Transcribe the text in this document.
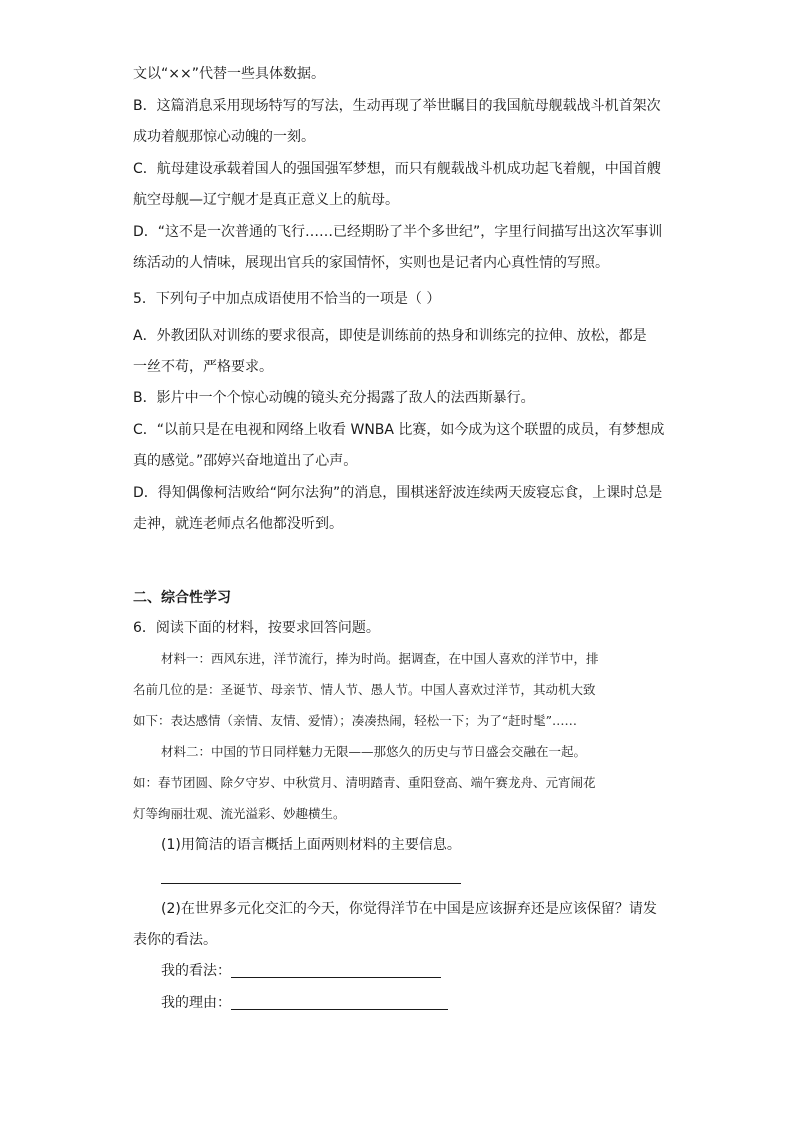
文以“××”代替一些具体数据。
B．这篇消息采用现场特写的写法，生动再现了举世瞩目的我国航母舰载战斗机首架次
成功着舰那惊心动魄的一刻。
C．航母建设承载着国人的强国强军梦想，而只有舰载战斗机成功起飞着舰，中国首艘
航空母舰—辽宁舰才是真正意义上的航母。
D．“这不是一次普通的飞行……已经期盼了半个多世纪”，字里行间描写出这次军事训
练活动的人情味，展现出官兵的家国情怀，实则也是记者内心真性情的写照。
5．下列句子中加点成语使用不恰当的一项是（ ）
A．外教团队对训练的要求很高，即使是训练前的热身和训练完的拉伸、放松，都是
一丝不苟，严格要求。
B．影片中一个个惊心动魄的镜头充分揭露了敌人的法西斯暴行。
C．“以前只是在电视和网络上收看 WNBA 比赛，如今成为这个联盟的成员，有梦想成
真的感觉。”邵婷兴奋地道出了心声。
D．得知偶像柯洁败给“阿尔法狗”的消息，围棋迷舒波连续两天废寝忘食，上课时总是
走神，就连老师点名他都没听到。
二、综合性学习
6．阅读下面的材料，按要求回答问题。
材料一：西风东进，洋节流行，捧为时尚。据调查，在中国人喜欢的洋节中，排
名前几位的是：圣诞节、母亲节、情人节、愚人节。中国人喜欢过洋节，其动机大致
如下：表达感情（亲情、友情、爱情）；凑凑热闹，轻松一下；为了“赶时髦”……
材料二：中国的节日同样魅力无限——那悠久的历史与节日盛会交融在一起。
如：春节团圆、除夕守岁、中秋赏月、清明踏青、重阳登高、端午赛龙舟、元宵闹花
灯等绚丽壮观、流光溢彩、妙趣横生。
(1)用简洁的语言概括上面两则材料的主要信息。
(2)在世界多元化交汇的今天，你觉得洋节在中国是应该摒弃还是应该保留？请发
表你的看法。
我的看法：
我的理由：
